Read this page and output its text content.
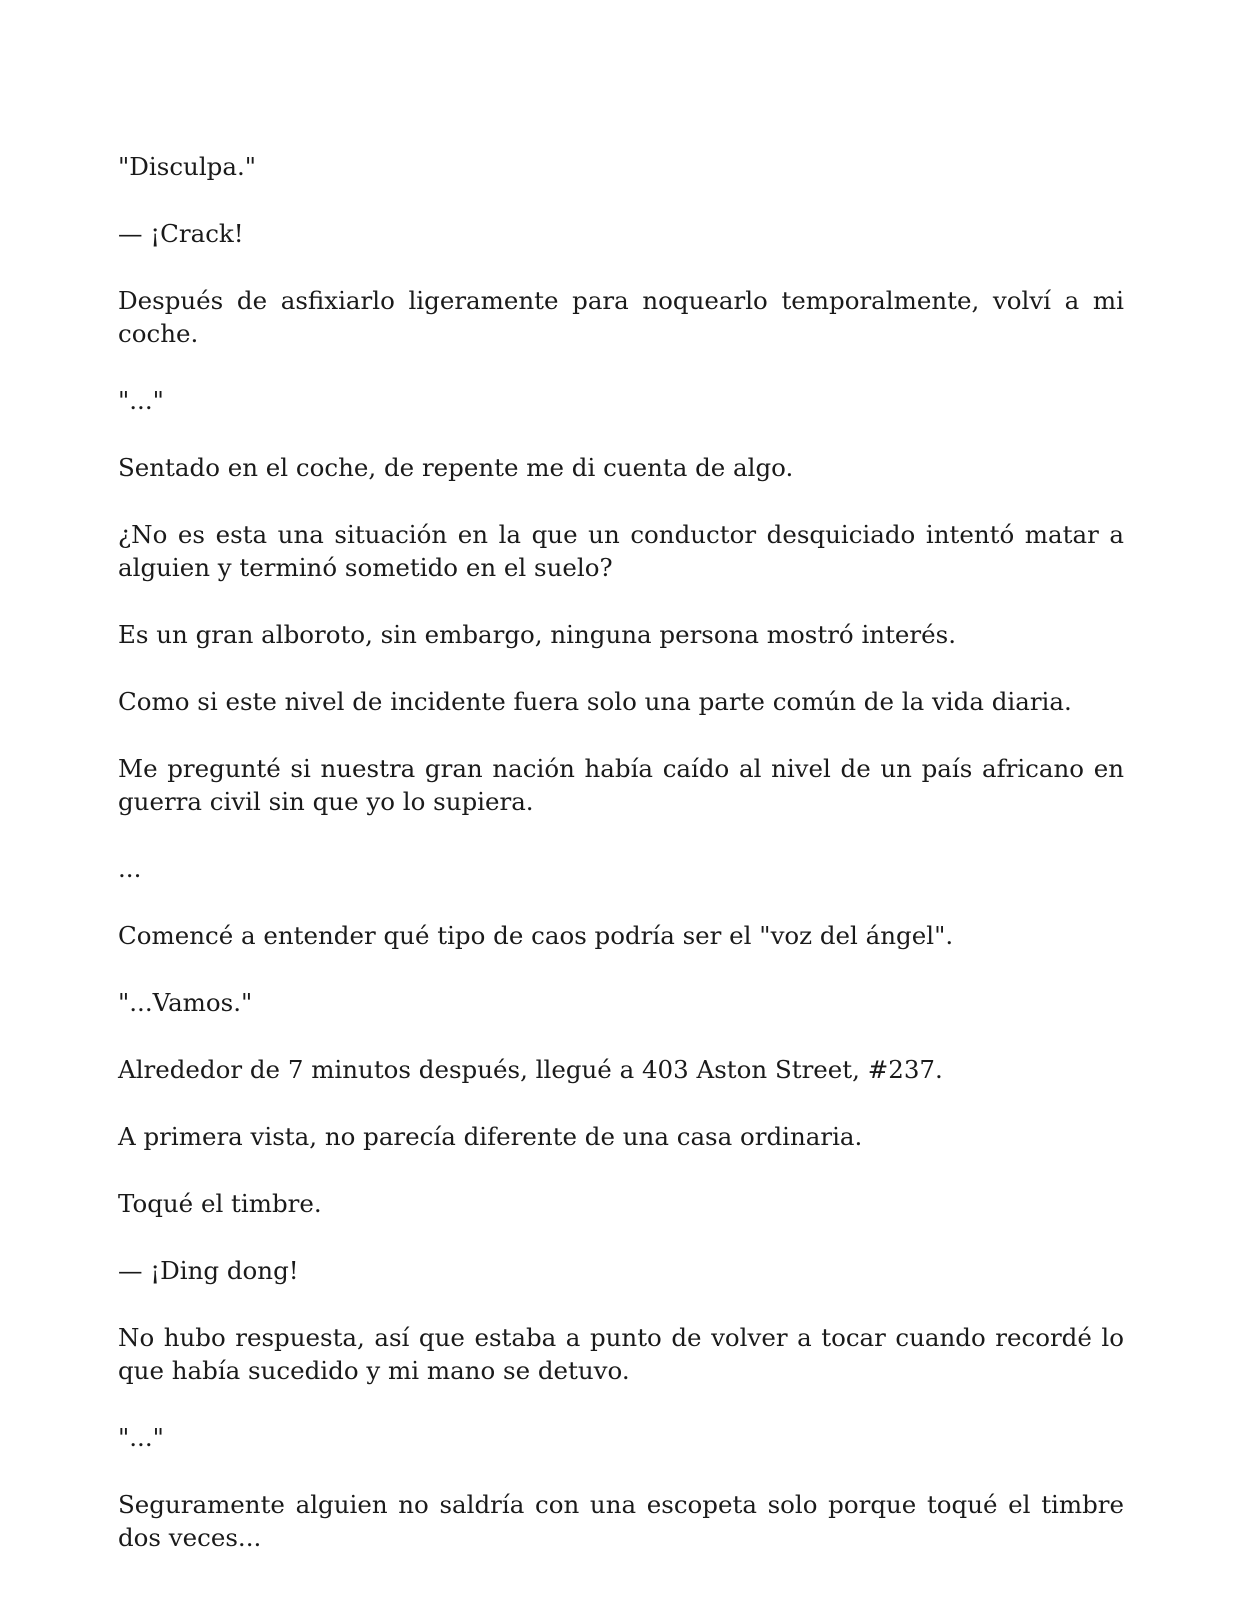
"Disculpa."

— ¡Crack!

Después de asfixiarlo ligeramente para noquearlo temporalmente, volví a mi coche.

"..."

Sentado en el coche, de repente me di cuenta de algo.

¿No es esta una situación en la que un conductor desquiciado intentó matar a alguien y terminó sometido en el suelo?

Es un gran alboroto, sin embargo, ninguna persona mostró interés.

Como si este nivel de incidente fuera solo una parte común de la vida diaria.

Me pregunté si nuestra gran nación había caído al nivel de un país africano en guerra civil sin que yo lo supiera.

...

Comencé a entender qué tipo de caos podría ser el "voz del ángel".

"...Vamos."

Alrededor de 7 minutos después, llegué a 403 Aston Street, #237.

A primera vista, no parecía diferente de una casa ordinaria.

Toqué el timbre.

— ¡Ding dong!

No hubo respuesta, así que estaba a punto de volver a tocar cuando recordé lo que había sucedido y mi mano se detuvo.

"..."

Seguramente alguien no saldría con una escopeta solo porque toqué el timbre dos veces...
